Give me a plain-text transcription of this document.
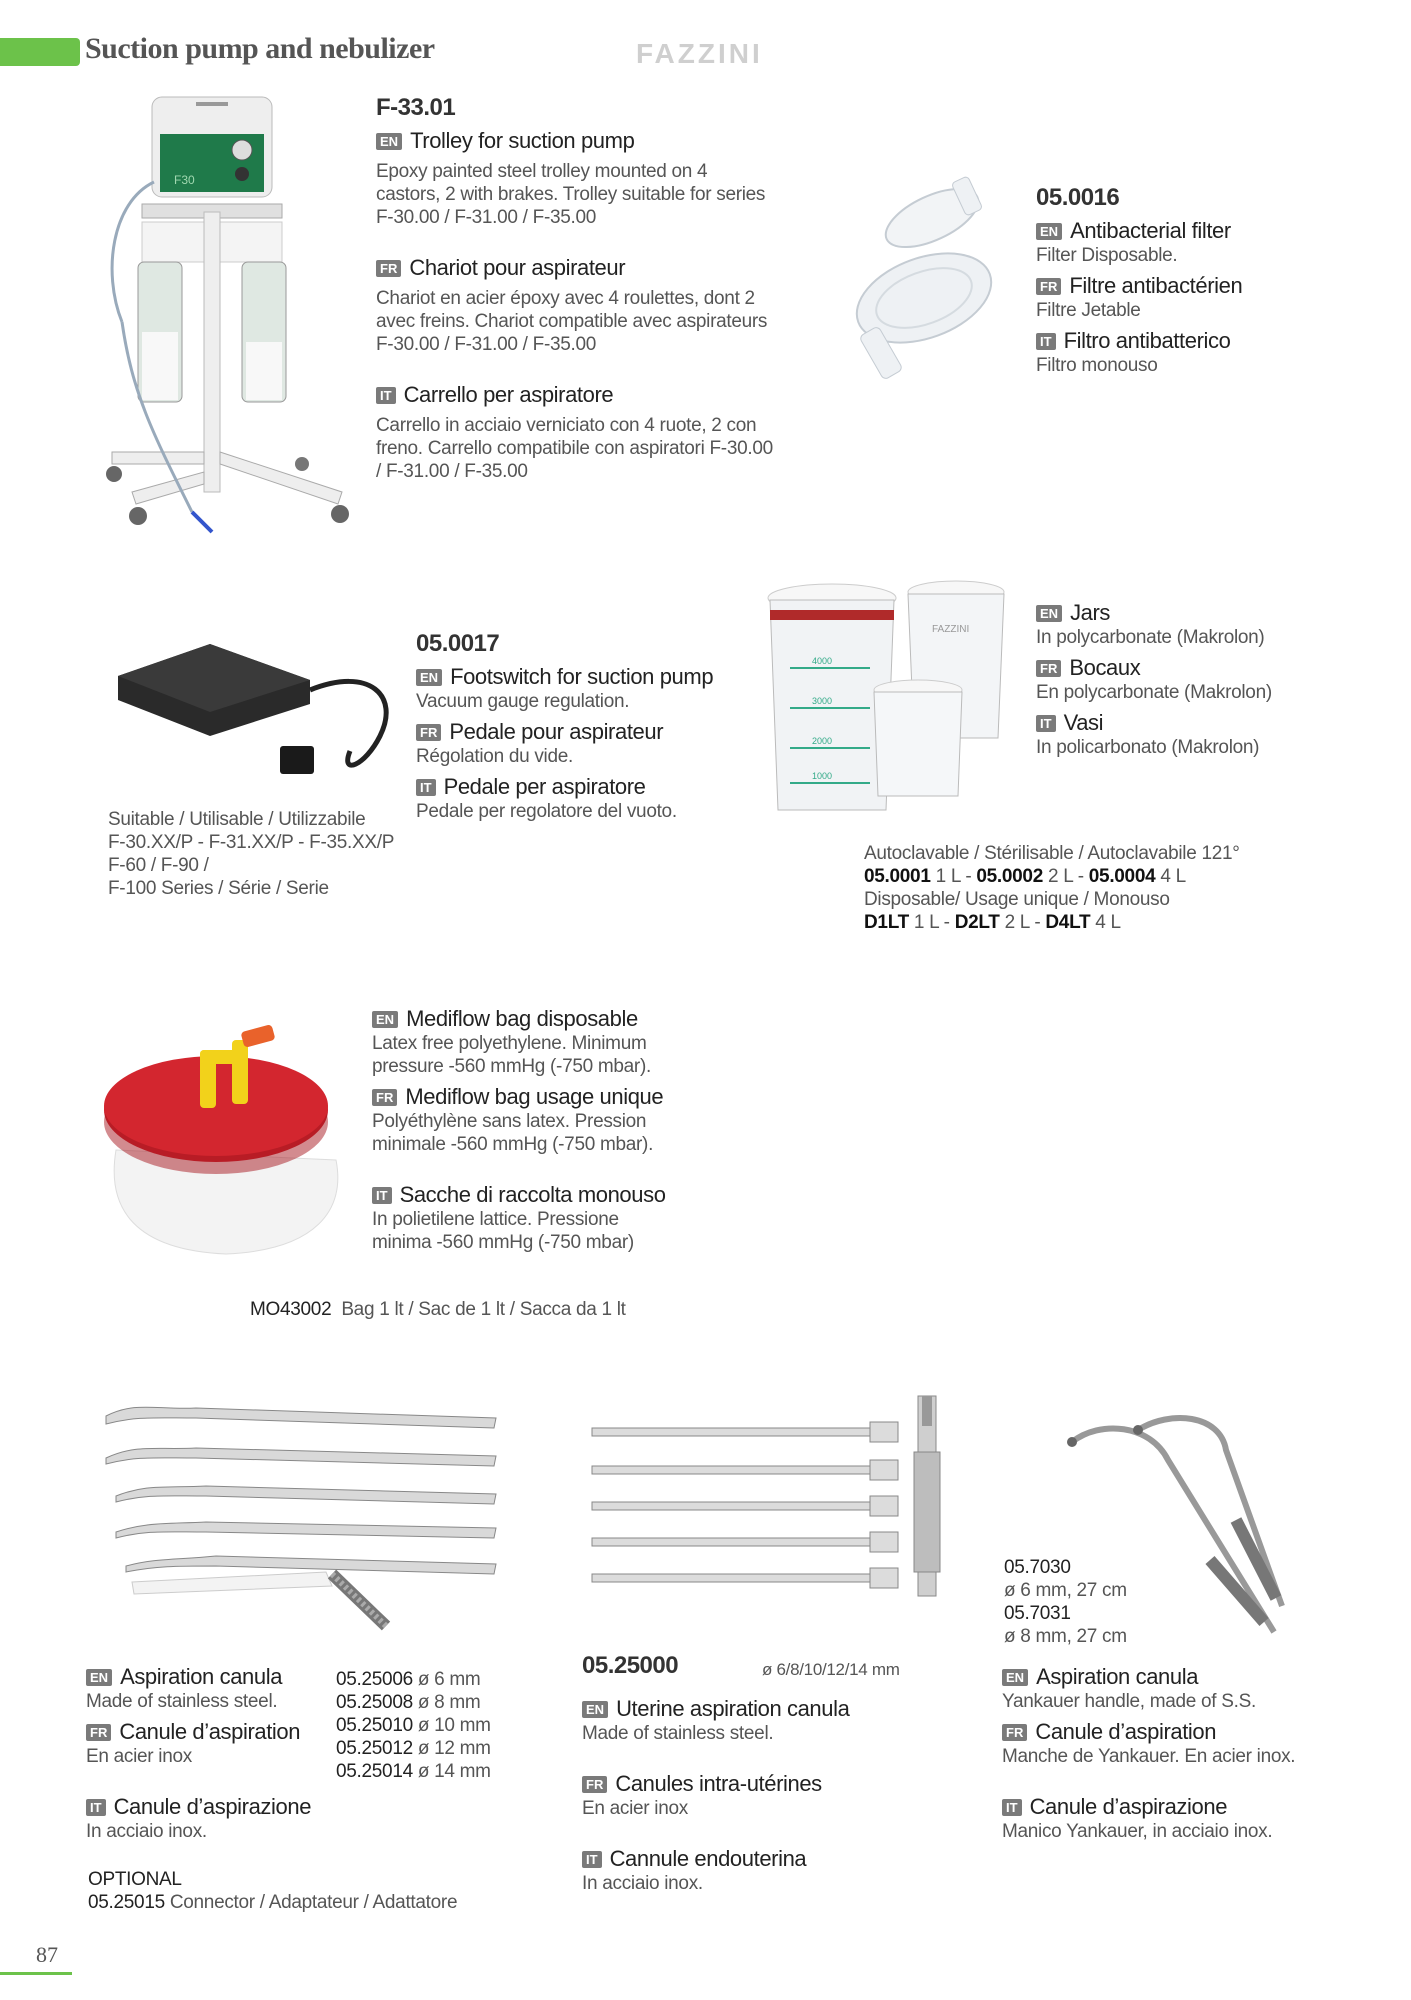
Suction pump and nebulizer	FAZZINI
F30
F-33.01
EN Trolley for suction pump
Epoxy painted steel trolley mounted on 4 castors, 2 with brakes. Trolley suitable for series F-30.00 / F-31.00 / F-35.00
FR Chariot pour aspirateur
Chariot en acier époxy avec 4 roulettes, dont 2 avec freins. Chariot compatible avec aspirateurs F-30.00 / F-31.00 / F-35.00
IT Carrello per aspiratore
Carrello in acciaio verniciato con 4 ruote, 2 con freno. Carrello compatibile con aspiratori F-30.00 / F-31.00 / F-35.00
05.0016
EN Antibacterial filter
Filter Disposable.
FR Filtre antibactérien
Filtre Jetable
IT Filtro antibatterico
Filtro monouso
Suitable / Utilisable / Utilizzabile
F-30.XX/P - F-31.XX/P - F-35.XX/P
F-60 / F-90 /
F-100 Series / Série / Serie
05.0017
EN Footswitch for suction pump
Vacuum gauge regulation.
FR Pedale pour aspirateur
Régolation du vide.
IT Pedale per aspiratore
Pedale per regolatore del vuoto.
4000
3000
2000
1000
FAZZINI
EN Jars
In polycarbonate (Makrolon)
FR Bocaux
En polycarbonate (Makrolon)
IT Vasi
In policarbonato (Makrolon)
Autoclavable / Stérilisable / Autoclavabile 121°
05.0001 1 L - 05.0002 2 L - 05.0004 4 L
Disposable/ Usage unique / Monouso
D1LT 1 L - D2LT 2 L - D4LT 4 L
EN Mediflow bag disposable
Latex free polyethylene. Minimum pressure -560 mmHg (-750 mbar).
FR Mediflow bag usage unique
Polyéthylène sans latex. Pression minimale -560 mmHg (-750 mbar).
IT Sacche di raccolta monouso
In polietilene lattice. Pressione minima -560 mmHg (-750 mbar)
MO43002 Bag 1 lt / Sac de 1 lt / Sacca da 1 lt
EN Aspiration canula
Made of stainless steel.
FR Canule d’aspiration
En acier inox
IT Canule d’aspirazione
In acciaio inox.
05.25006 ø 6 mm
05.25008 ø 8 mm
05.25010 ø 10 mm
05.25012 ø 12 mm
05.25014 ø 14 mm
OPTIONAL
05.25015 Connector / Adaptateur / Adattatore
05.25000	ø 6/8/10/12/14 mm
EN Uterine aspiration canula
Made of stainless steel.
FR Canules intra-utérines
En acier inox
IT Cannule endouterina
In acciaio inox.
05.7030
ø 6 mm, 27 cm
05.7031
ø 8 mm, 27 cm
EN Aspiration canula
Yankauer handle, made of S.S.
FR Canule d’aspiration
Manche de Yankauer. En acier inox.
IT Canule d’aspirazione
Manico Yankauer, in acciaio inox.
87
